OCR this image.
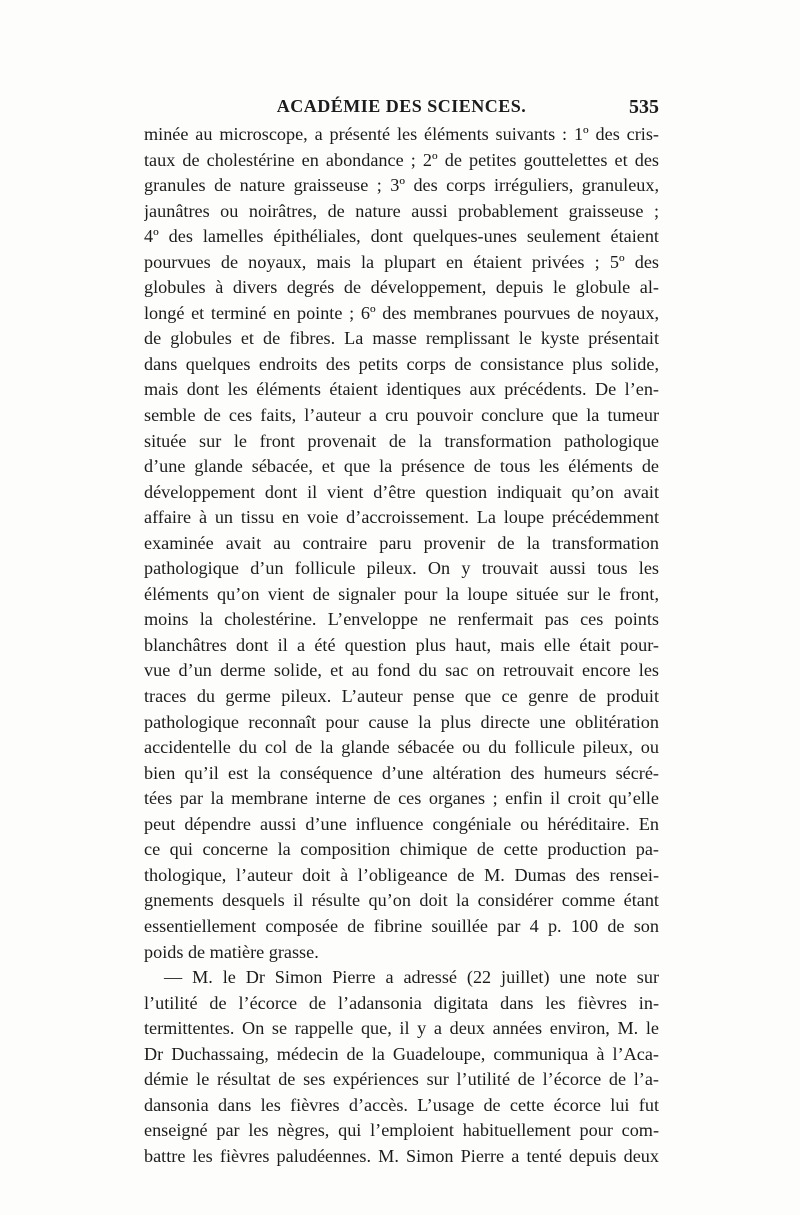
ACADÉMIE DES SCIENCES.	535
minée au microscope, a présenté les éléments suivants : 1º des cris-
taux de cholestérine en abondance ; 2º de petites gouttelettes et des
granules de nature graisseuse ; 3º des corps irréguliers, granuleux,
jaunâtres ou noirâtres, de nature aussi probablement graisseuse ;
4º des lamelles épithéliales, dont quelques-unes seulement étaient
pourvues de noyaux, mais la plupart en étaient privées ; 5º des
globules à divers degrés de développement, depuis le globule al-
longé et terminé en pointe ; 6º des membranes pourvues de noyaux,
de globules et de fibres. La masse remplissant le kyste présentait
dans quelques endroits des petits corps de consistance plus solide,
mais dont les éléments étaient identiques aux précédents. De l’en-
semble de ces faits, l’auteur a cru pouvoir conclure que la tumeur
située sur le front provenait de la transformation pathologique
d’une glande sébacée, et que la présence de tous les éléments de
développement dont il vient d’être question indiquait qu’on avait
affaire à un tissu en voie d’accroissement. La loupe précédemment
examinée avait au contraire paru provenir de la transformation
pathologique d’un follicule pileux. On y trouvait aussi tous les
éléments qu’on vient de signaler pour la loupe située sur le front,
moins la cholestérine. L’enveloppe ne renfermait pas ces points
blanchâtres dont il a été question plus haut, mais elle était pour-
vue d’un derme solide, et au fond du sac on retrouvait encore les
traces du germe pileux. L’auteur pense que ce genre de produit
pathologique reconnaît pour cause la plus directe une oblitération
accidentelle du col de la glande sébacée ou du follicule pileux, ou
bien qu’il est la conséquence d’une altération des humeurs sécré-
tées par la membrane interne de ces organes ; enfin il croit qu’elle
peut dépendre aussi d’une influence congéniale ou héréditaire. En
ce qui concerne la composition chimique de cette production pa-
thologique, l’auteur doit à l’obligeance de M. Dumas des rensei-
gnements desquels il résulte qu’on doit la considérer comme étant
essentiellement composée de fibrine souillée par 4 p. 100 de son
poids de matière grasse.
— M. le Dr Simon Pierre a adressé (22 juillet) une note sur
l’utilité de l’écorce de l’adansonia digitata dans les fièvres in-
termittentes. On se rappelle que, il y a deux années environ, M. le
Dr Duchassaing, médecin de la Guadeloupe, communiqua à l’Aca-
démie le résultat de ses expériences sur l’utilité de l’écorce de l’a-
dansonia dans les fièvres d’accès. L’usage de cette écorce lui fut
enseigné par les nègres, qui l’emploient habituellement pour com-
battre les fièvres paludéennes. M. Simon Pierre a tenté depuis deux
